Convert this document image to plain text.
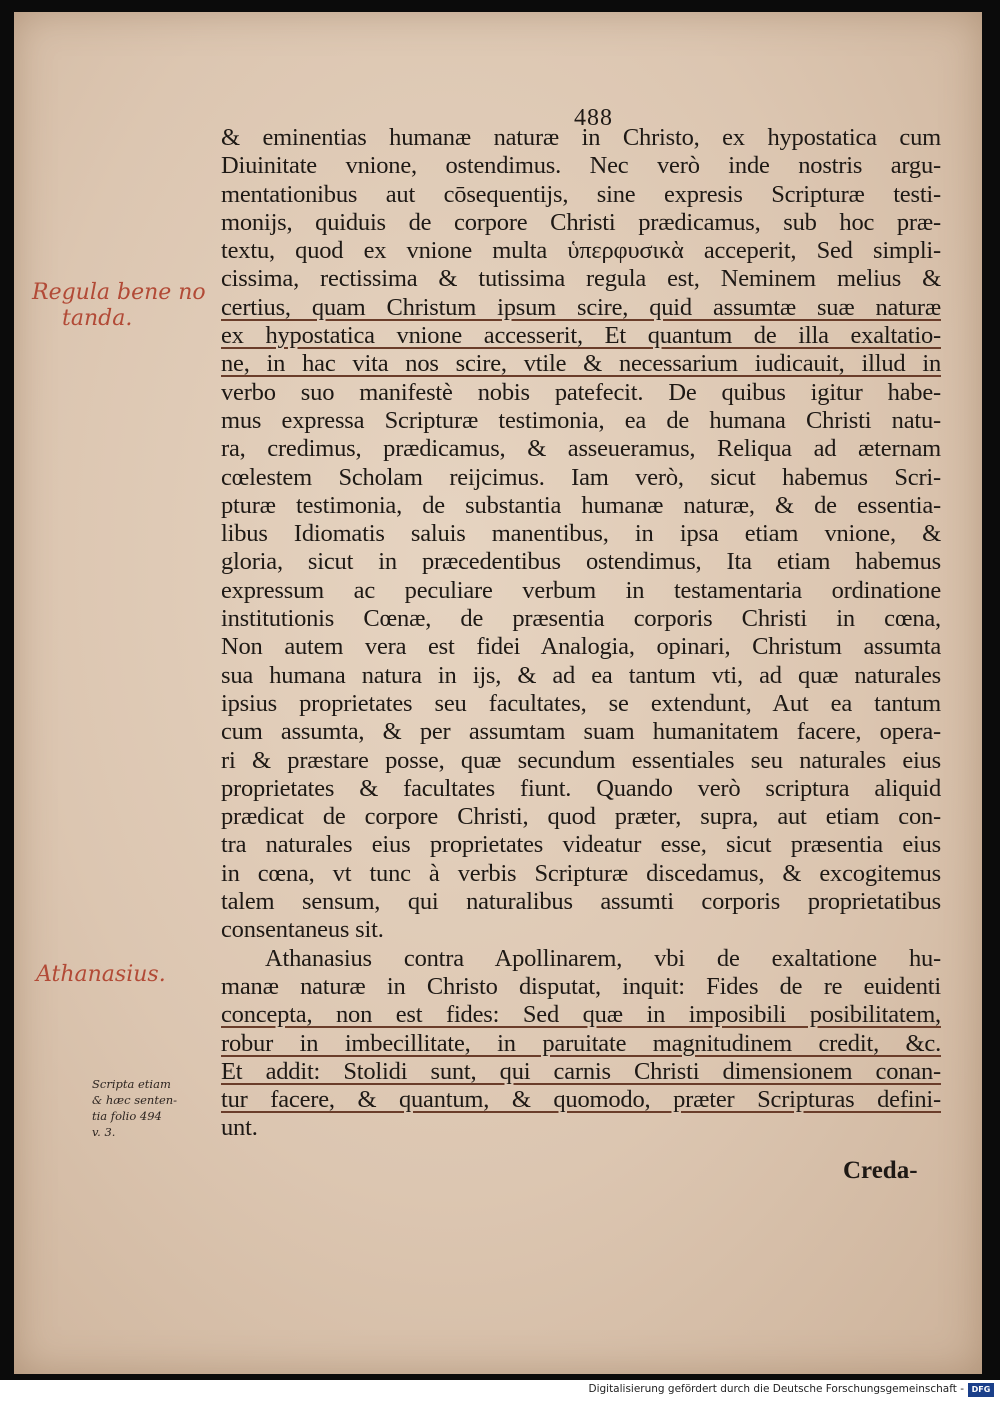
488
& eminentias humanæ naturæ in Christo, ex hypostatica cum
Diuinitate vnione, ostendimus. Nec verò inde nostris argu-
mentationibus aut cōsequentijs, sine expresis Scripturæ testi-
monijs, quiduis de corpore Christi prædicamus, sub hoc præ-
textu, quod ex vnione multa ὑπερφυσικὰ acceperit, Sed simpli-
cissima, rectissima & tutissima regula est, Neminem melius &
certius, quam Christum ipsum scire, quid assumtæ suæ naturæ
ex hypostatica vnione accesserit, Et quantum de illa exaltatio-
ne, in hac vita nos scire, vtile & necessarium iudicauit, illud in
verbo suo manifestè nobis patefecit. De quibus igitur habe-
mus expressa Scripturæ testimonia, ea de humana Christi natu-
ra, credimus, prædicamus, & asseueramus, Reliqua ad æternam
cœlestem Scholam reijcimus. Iam verò, sicut habemus Scri-
pturæ testimonia, de substantia humanæ naturæ, & de essentia-
libus Idiomatis saluis manentibus, in ipsa etiam vnione, &
gloria, sicut in præcedentibus ostendimus, Ita etiam habemus
expressum ac peculiare verbum in testamentaria ordinatione
institutionis Cœnæ, de præsentia corporis Christi in cœna,
Non autem vera est fidei Analogia, opinari, Christum assumta
sua humana natura in ijs, & ad ea tantum vti, ad quæ naturales
ipsius proprietates seu facultates, se extendunt, Aut ea tantum
cum assumta, & per assumtam suam humanitatem facere, opera-
ri & præstare posse, quæ secundum essentiales seu naturales eius
proprietates & facultates fiunt. Quando verò scriptura aliquid
prædicat de corpore Christi, quod præter, supra, aut etiam con-
tra naturales eius proprietates videatur esse, sicut præsentia eius
in cœna, vt tunc à verbis Scripturæ discedamus, & excogitemus
talem sensum, qui naturalibus assumti corporis proprietatibus
consentaneus sit.
Athanasius contra Apollinarem, vbi de exaltatione hu-
manæ naturæ in Christo disputat, inquit: Fides de re euidenti
concepta, non est fides: Sed quæ in imposibili posibilitatem,
robur in imbecillitate, in paruitate magnitudinem credit, &c.
Et addit: Stolidi sunt, qui carnis Christi dimensionem conan-
tur facere, & quantum, & quomodo, præter Scripturas defini-
unt.
Regula bene no
tanda.
Athanasius.
Scripta etiam
& hæc senten-
tia folio 494
v. 3.
Creda-
Digitalisierung gefördert durch die Deutsche Forschungsgemeinschaft - DFG
